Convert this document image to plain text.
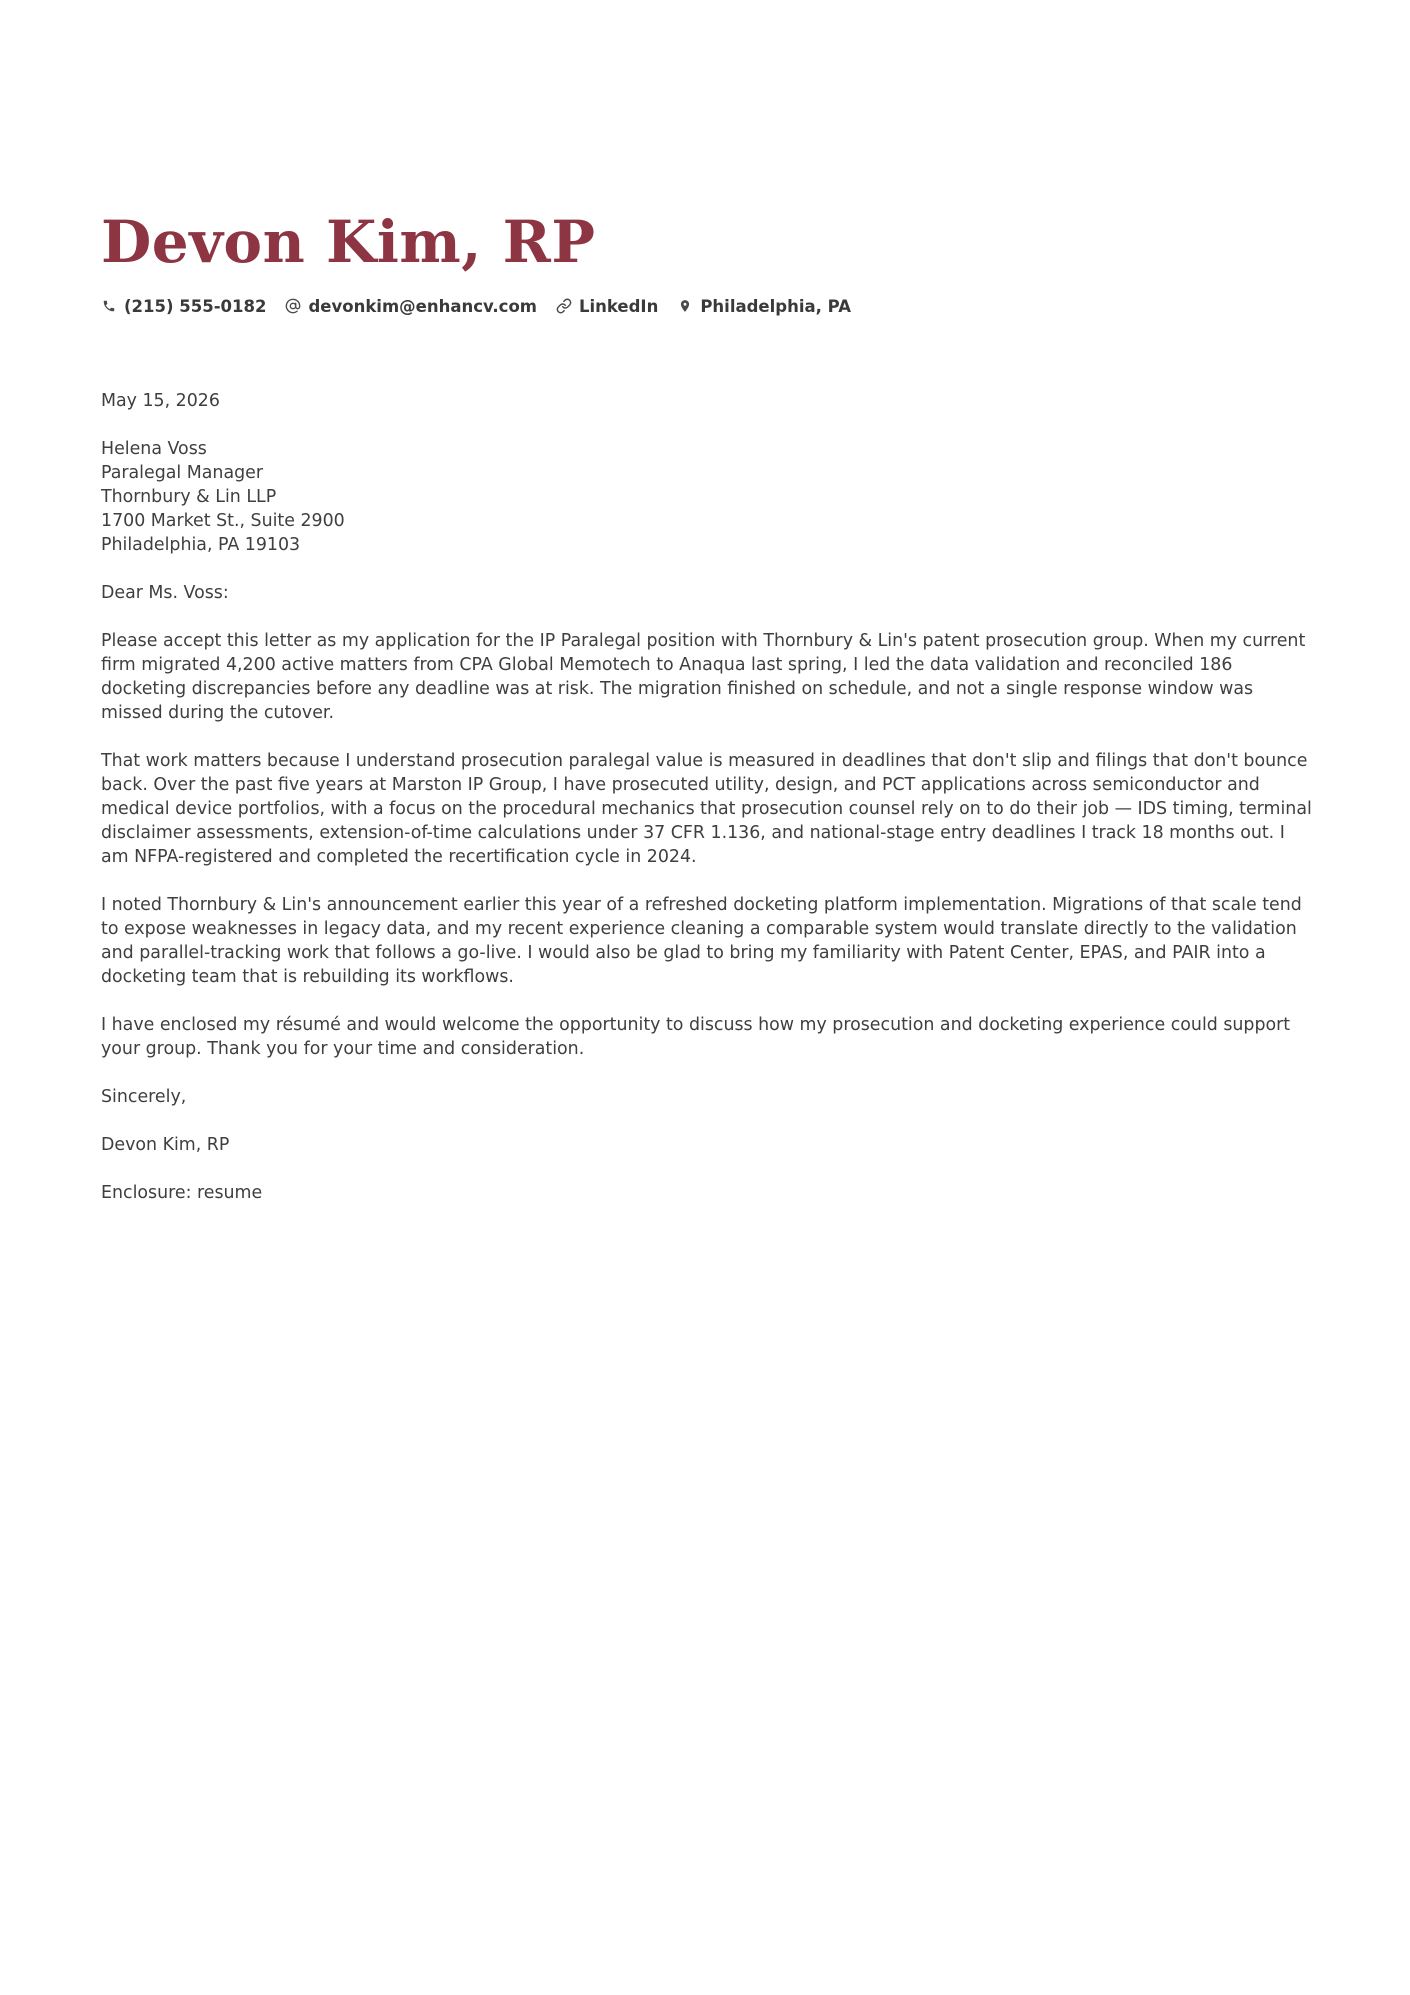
Devon Kim, RP
(215) 555-0182	devonkim@enhancv.com	LinkedIn	Philadelphia, PA
May 15, 2026
Helena Voss
Paralegal Manager
Thornbury & Lin LLP
1700 Market St., Suite 2900
Philadelphia, PA 19103
Dear Ms. Voss:

Please accept this letter as my application for the IP Paralegal position with Thornbury & Lin's patent prosecution group. When my current firm migrated 4,200 active matters from CPA Global Memotech to Anaqua last spring, I led the data validation and reconciled 186 docketing discrepancies before any deadline was at risk. The migration finished on schedule, and not a single response window was missed during the cutover.

That work matters because I understand prosecution paralegal value is measured in deadlines that don't slip and filings that don't bounce back. Over the past five years at Marston IP Group, I have prosecuted utility, design, and PCT applications across semiconductor and medical device portfolios, with a focus on the procedural mechanics that prosecution counsel rely on to do their job — IDS timing, terminal disclaimer assessments, extension-of-time calculations under 37 CFR 1.136, and national-stage entry deadlines I track 18 months out. I am NFPA-registered and completed the recertification cycle in 2024.

I noted Thornbury & Lin's announcement earlier this year of a refreshed docketing platform implementation. Migrations of that scale tend to expose weaknesses in legacy data, and my recent experience cleaning a comparable system would translate directly to the validation and parallel-tracking work that follows a go-live. I would also be glad to bring my familiarity with Patent Center, EPAS, and PAIR into a docketing team that is rebuilding its workflows.

I have enclosed my résumé and would welcome the opportunity to discuss how my prosecution and docketing experience could support your group. Thank you for your time and consideration.

Sincerely,
Devon Kim, RP
Enclosure: resume
